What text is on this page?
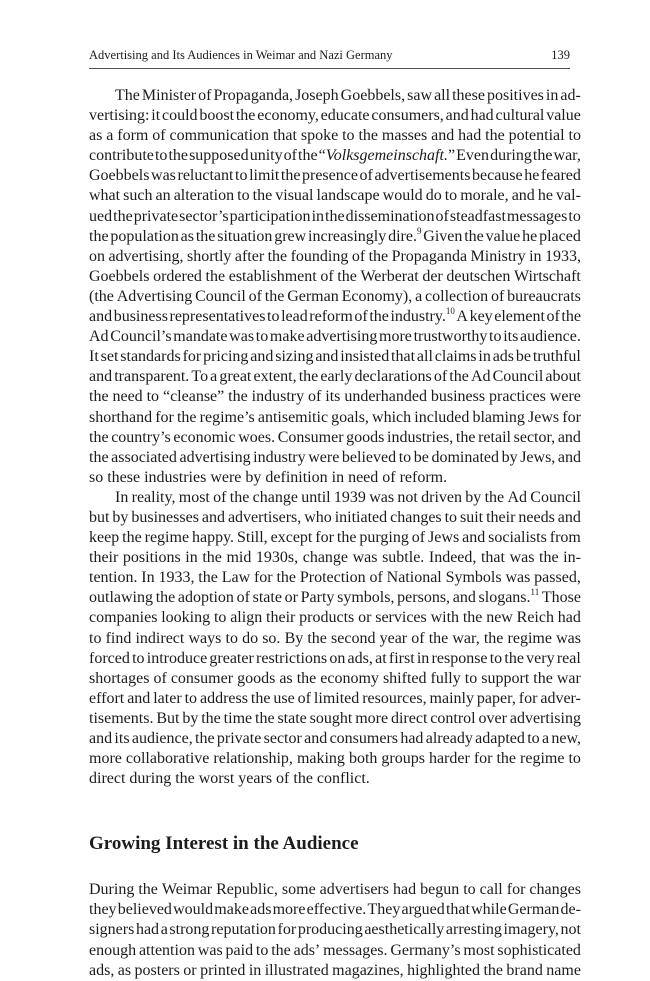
Advertising and Its Audiences in Weimar and Nazi Germany	139
The Minister of Propaganda, Joseph Goebbels, saw all these positives in ad-
vertising: it could boost the economy, educate consumers, and had cultural value
as a form of communication that spoke to the masses and had the potential to
contribute to the supposed unity of the “Volksgemeinschaft.” Even during the war,
Goebbels was reluctant to limit the presence of advertisements because he feared
what such an alteration to the visual landscape would do to morale, and he val-
ued the private sector’s participation in the dissemination of steadfast messages to
the population as the situation grew increasingly dire.$^9$ Given the value he placed
on advertising, shortly after the founding of the Propaganda Ministry in 1933,
Goebbels ordered the establishment of the Werberat der deutschen Wirtschaft
(the Advertising Council of the German Economy), a collection of bureaucrats
and business representatives to lead reform of the industry.$^{10}$ A key element of the
Ad Council’s mandate was to make advertising more trustworthy to its audience.
It set standards for pricing and sizing and insisted that all claims in ads be truthful
and transparent. To a great extent, the early declarations of the Ad Council about
the need to “cleanse” the industry of its underhanded business practices were
shorthand for the regime’s antisemitic goals, which included blaming Jews for
the country’s economic woes. Consumer goods industries, the retail sector, and
the associated advertising industry were believed to be dominated by Jews, and
so these industries were by definition in need of reform.
In reality, most of the change until 1939 was not driven by the Ad Council
but by businesses and advertisers, who initiated changes to suit their needs and
keep the regime happy. Still, except for the purging of Jews and socialists from
their positions in the mid 1930s, change was subtle. Indeed, that was the in-
tention. In 1933, the Law for the Protection of National Symbols was passed,
outlawing the adoption of state or Party symbols, persons, and slogans.$^{11}$ Those
companies looking to align their products or services with the new Reich had
to find indirect ways to do so. By the second year of the war, the regime was
forced to introduce greater restrictions on ads, at first in response to the very real
shortages of consumer goods as the economy shifted fully to support the war
effort and later to address the use of limited resources, mainly paper, for adver-
tisements. But by the time the state sought more direct control over advertising
and its audience, the private sector and consumers had already adapted to a new,
more collaborative relationship, making both groups harder for the regime to
direct during the worst years of the conflict.
Growing Interest in the Audience
During the Weimar Republic, some advertisers had begun to call for changes
they believed would make ads more effective. They argued that while German de-
signers had a strong reputation for producing aesthetically arresting imagery, not
enough attention was paid to the ads’ messages. Germany’s most sophisticated
ads, as posters or printed in illustrated magazines, highlighted the brand name
